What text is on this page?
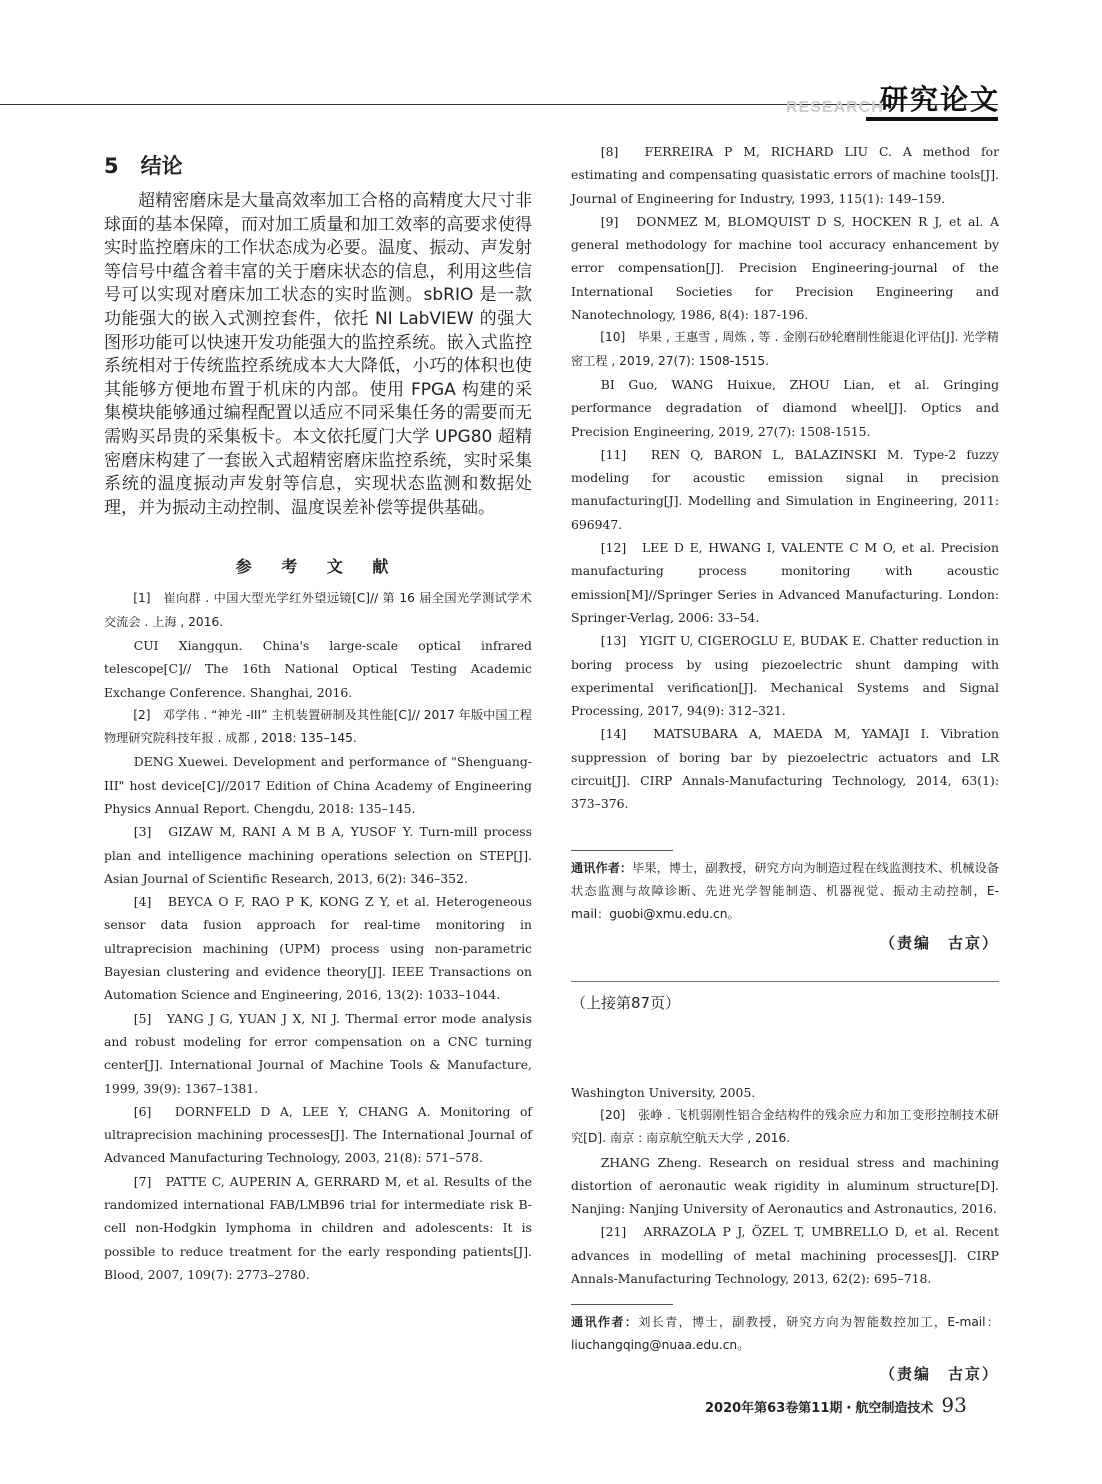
RESEARCH
研究论文
5 结论

超精密磨床是大量高效率加工合格的高精度大尺寸非球面的基本保障，而对加工质量和加工效率的高要求使得实时监控磨床的工作状态成为必要。温度、振动、声发射等信号中蕴含着丰富的关于磨床状态的信息，利用这些信号可以实现对磨床加工状态的实时监测。sbRIO 是一款功能强大的嵌入式测控套件，依托 NI LabVIEW 的强大图形功能可以快速开发功能强大的监控系统。嵌入式监控系统相对于传统监控系统成本大大降低，小巧的体积也使其能够方便地布置于机床的内部。使用 FPGA 构建的采集模块能够通过编程配置以适应不同采集任务的需要而无需购买昂贵的采集板卡。本文依托厦门大学 UPG80 超精密磨床构建了一套嵌入式超精密磨床监控系统，实时采集系统的温度振动声发射等信息，实现状态监测和数据处理，并为振动主动控制、温度误差补偿等提供基础。

参 考 文 献

[1]　崔向群 . 中国大型光学红外望远镜[C]// 第 16 届全国光学测试学术交流会 . 上海 , 2016.

CUI Xiangqun. China's large-scale optical infrared telescope[C]// The 16th National Optical Testing Academic Exchange Conference. Shanghai, 2016.

[2]　邓学伟 . “神光 -III” 主机装置研制及其性能[C]// 2017 年版中国工程物理研究院科技年报 . 成都 , 2018: 135–145.

DENG Xuewei. Development and performance of "Shenguang-III" host device[C]//2017 Edition of China Academy of Engineering Physics Annual Report. Chengdu, 2018: 135–145.

[3]　GIZAW M, RANI A M B A, YUSOF Y. Turn-mill process plan and intelligence machining operations selection on STEP[J]. Asian Journal of Scientific Research, 2013, 6(2): 346–352.

[4]　BEYCA O F, RAO P K, KONG Z Y, et al. Heterogeneous sensor data fusion approach for real-time monitoring in ultraprecision machining (UPM) process using non-parametric Bayesian clustering and evidence theory[J]. IEEE Transactions on Automation Science and Engineering, 2016, 13(2): 1033–1044.

[5]　YANG J G, YUAN J X, NI J. Thermal error mode analysis and robust modeling for error compensation on a CNC turning center[J]. International Journal of Machine Tools & Manufacture, 1999, 39(9): 1367–1381.

[6]　DORNFELD D A, LEE Y, CHANG A. Monitoring of ultraprecision machining processes[J]. The International Journal of Advanced Manufacturing Technology, 2003, 21(8): 571–578.

[7]　PATTE C, AUPERIN A, GERRARD M, et al. Results of the randomized international FAB/LMB96 trial for intermediate risk B-cell non-Hodgkin lymphoma in children and adolescents: It is possible to reduce treatment for the early responding patients[J]. Blood, 2007, 109(7): 2773–2780.

[8]　FERREIRA P M, RICHARD LIU C. A method for estimating and compensating quasistatic errors of machine tools[J]. Journal of Engineering for Industry, 1993, 115(1): 149–159.

[9]　DONMEZ M, BLOMQUIST D S, HOCKEN R J, et al. A general methodology for machine tool accuracy enhancement by error compensation[J]. Precision Engineering-journal of the International Societies for Precision Engineering and Nanotechnology, 1986, 8(4): 187-196.

[10]　毕果 , 王惠雪 , 周炼 , 等 . 金刚石砂轮磨削性能退化评估[J]. 光学精密工程 , 2019, 27(7): 1508-1515.

BI Guo, WANG Huixue, ZHOU Lian, et al. Gringing performance degradation of diamond wheel[J]. Optics and Precision Engineering, 2019, 27(7): 1508-1515.

[11]　REN Q, BARON L, BALAZINSKI M. Type-2 fuzzy modeling for acoustic emission signal in precision manufacturing[J]. Modelling and Simulation in Engineering, 2011: 696947.

[12]　LEE D E, HWANG I, VALENTE C M O, et al. Precision manufacturing process monitoring with acoustic emission[M]//Springer Series in Advanced Manufacturing. London: Springer-Verlag, 2006: 33–54.

[13]　YIGIT U, CIGEROGLU E, BUDAK E. Chatter reduction in boring process by using piezoelectric shunt damping with experimental verification[J]. Mechanical Systems and Signal Processing, 2017, 94(9): 312–321.

[14]　MATSUBARA A, MAEDA M, YAMAJI I. Vibration suppression of boring bar by piezoelectric actuators and LR circuit[J]. CIRP Annals-Manufacturing Technology, 2014, 63(1): 373–376.

通讯作者：毕果，博士，副教授，研究方向为制造过程在线监测技术、机械设备状态监测与故障诊断、先进光学智能制造、机器视觉、振动主动控制，E-mail：guobi@xmu.edu.cn。

（责编　古京）

（上接第87页）

Washington University, 2005.

[20]　张峥 . 飞机弱刚性铝合金结构件的残余应力和加工变形控制技术研究[D]. 南京 : 南京航空航天大学 , 2016.

ZHANG Zheng. Research on residual stress and machining distortion of aeronautic weak rigidity in aluminum structure[D]. Nanjing: Nanjing University of Aeronautics and Astronautics, 2016.

[21]　ARRAZOLA P J, ÖZEL T, UMBRELLO D, et al. Recent advances in modelling of metal machining processes[J]. CIRP Annals-Manufacturing Technology, 2013, 62(2): 695–718.

通讯作者：刘长青，博士，副教授，研究方向为智能数控加工，E-mail：liuchangqing@nuaa.edu.cn。

（责编　古京）
2020年第63卷第11期・航空制造技术 93
